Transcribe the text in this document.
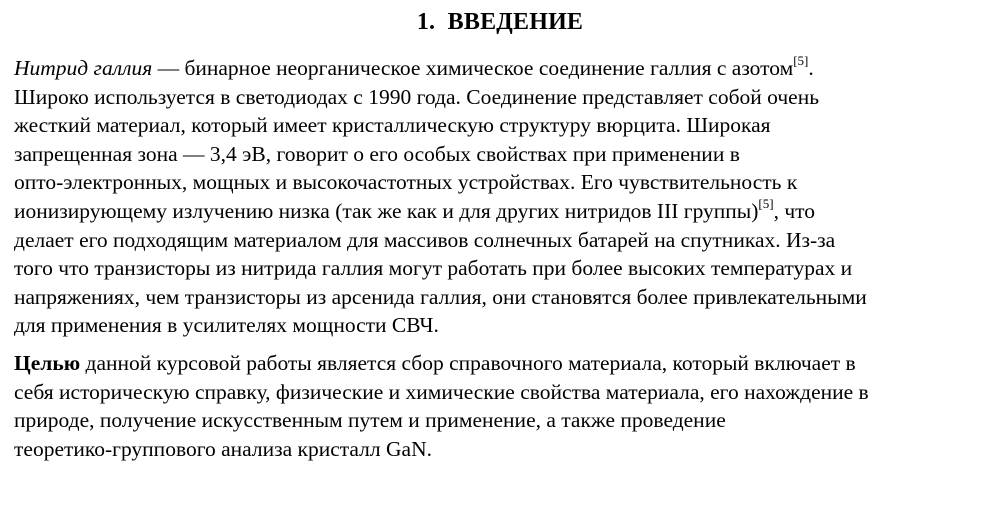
1. ВВЕДЕНИЕ

Нитрид галлия — бинарное неорганическое химическое соединение галлия с азотом[5].
Широко используется в светодиодах с 1990 года. Соединение представляет собой очень
жесткий материал, который имеет кристаллическую структуру вюрцита. Широкая
запрещенная зона — 3,4 эВ, говорит о его особых свойствах при применении в
опто-электронных, мощных и высокочастотных устройствах. Его чувствительность к
ионизирующему излучению низка (так же как и для других нитридов III группы)[5], что
делает его подходящим материалом для массивов солнечных батарей на спутниках. Из-за
того что транзисторы из нитрида галлия могут работать при более высоких температурах и
напряжениях, чем транзисторы из арсенида галлия, они становятся более привлекательными
для применения в усилителях мощности СВЧ.

Целью данной курсовой работы является сбор справочного материала, который включает в
себя историческую справку, физические и химические свойства материала, его нахождение в
природе, получение искусственным путем и применение, а также проведение
теоретико-группового анализа кристалл GaN.
